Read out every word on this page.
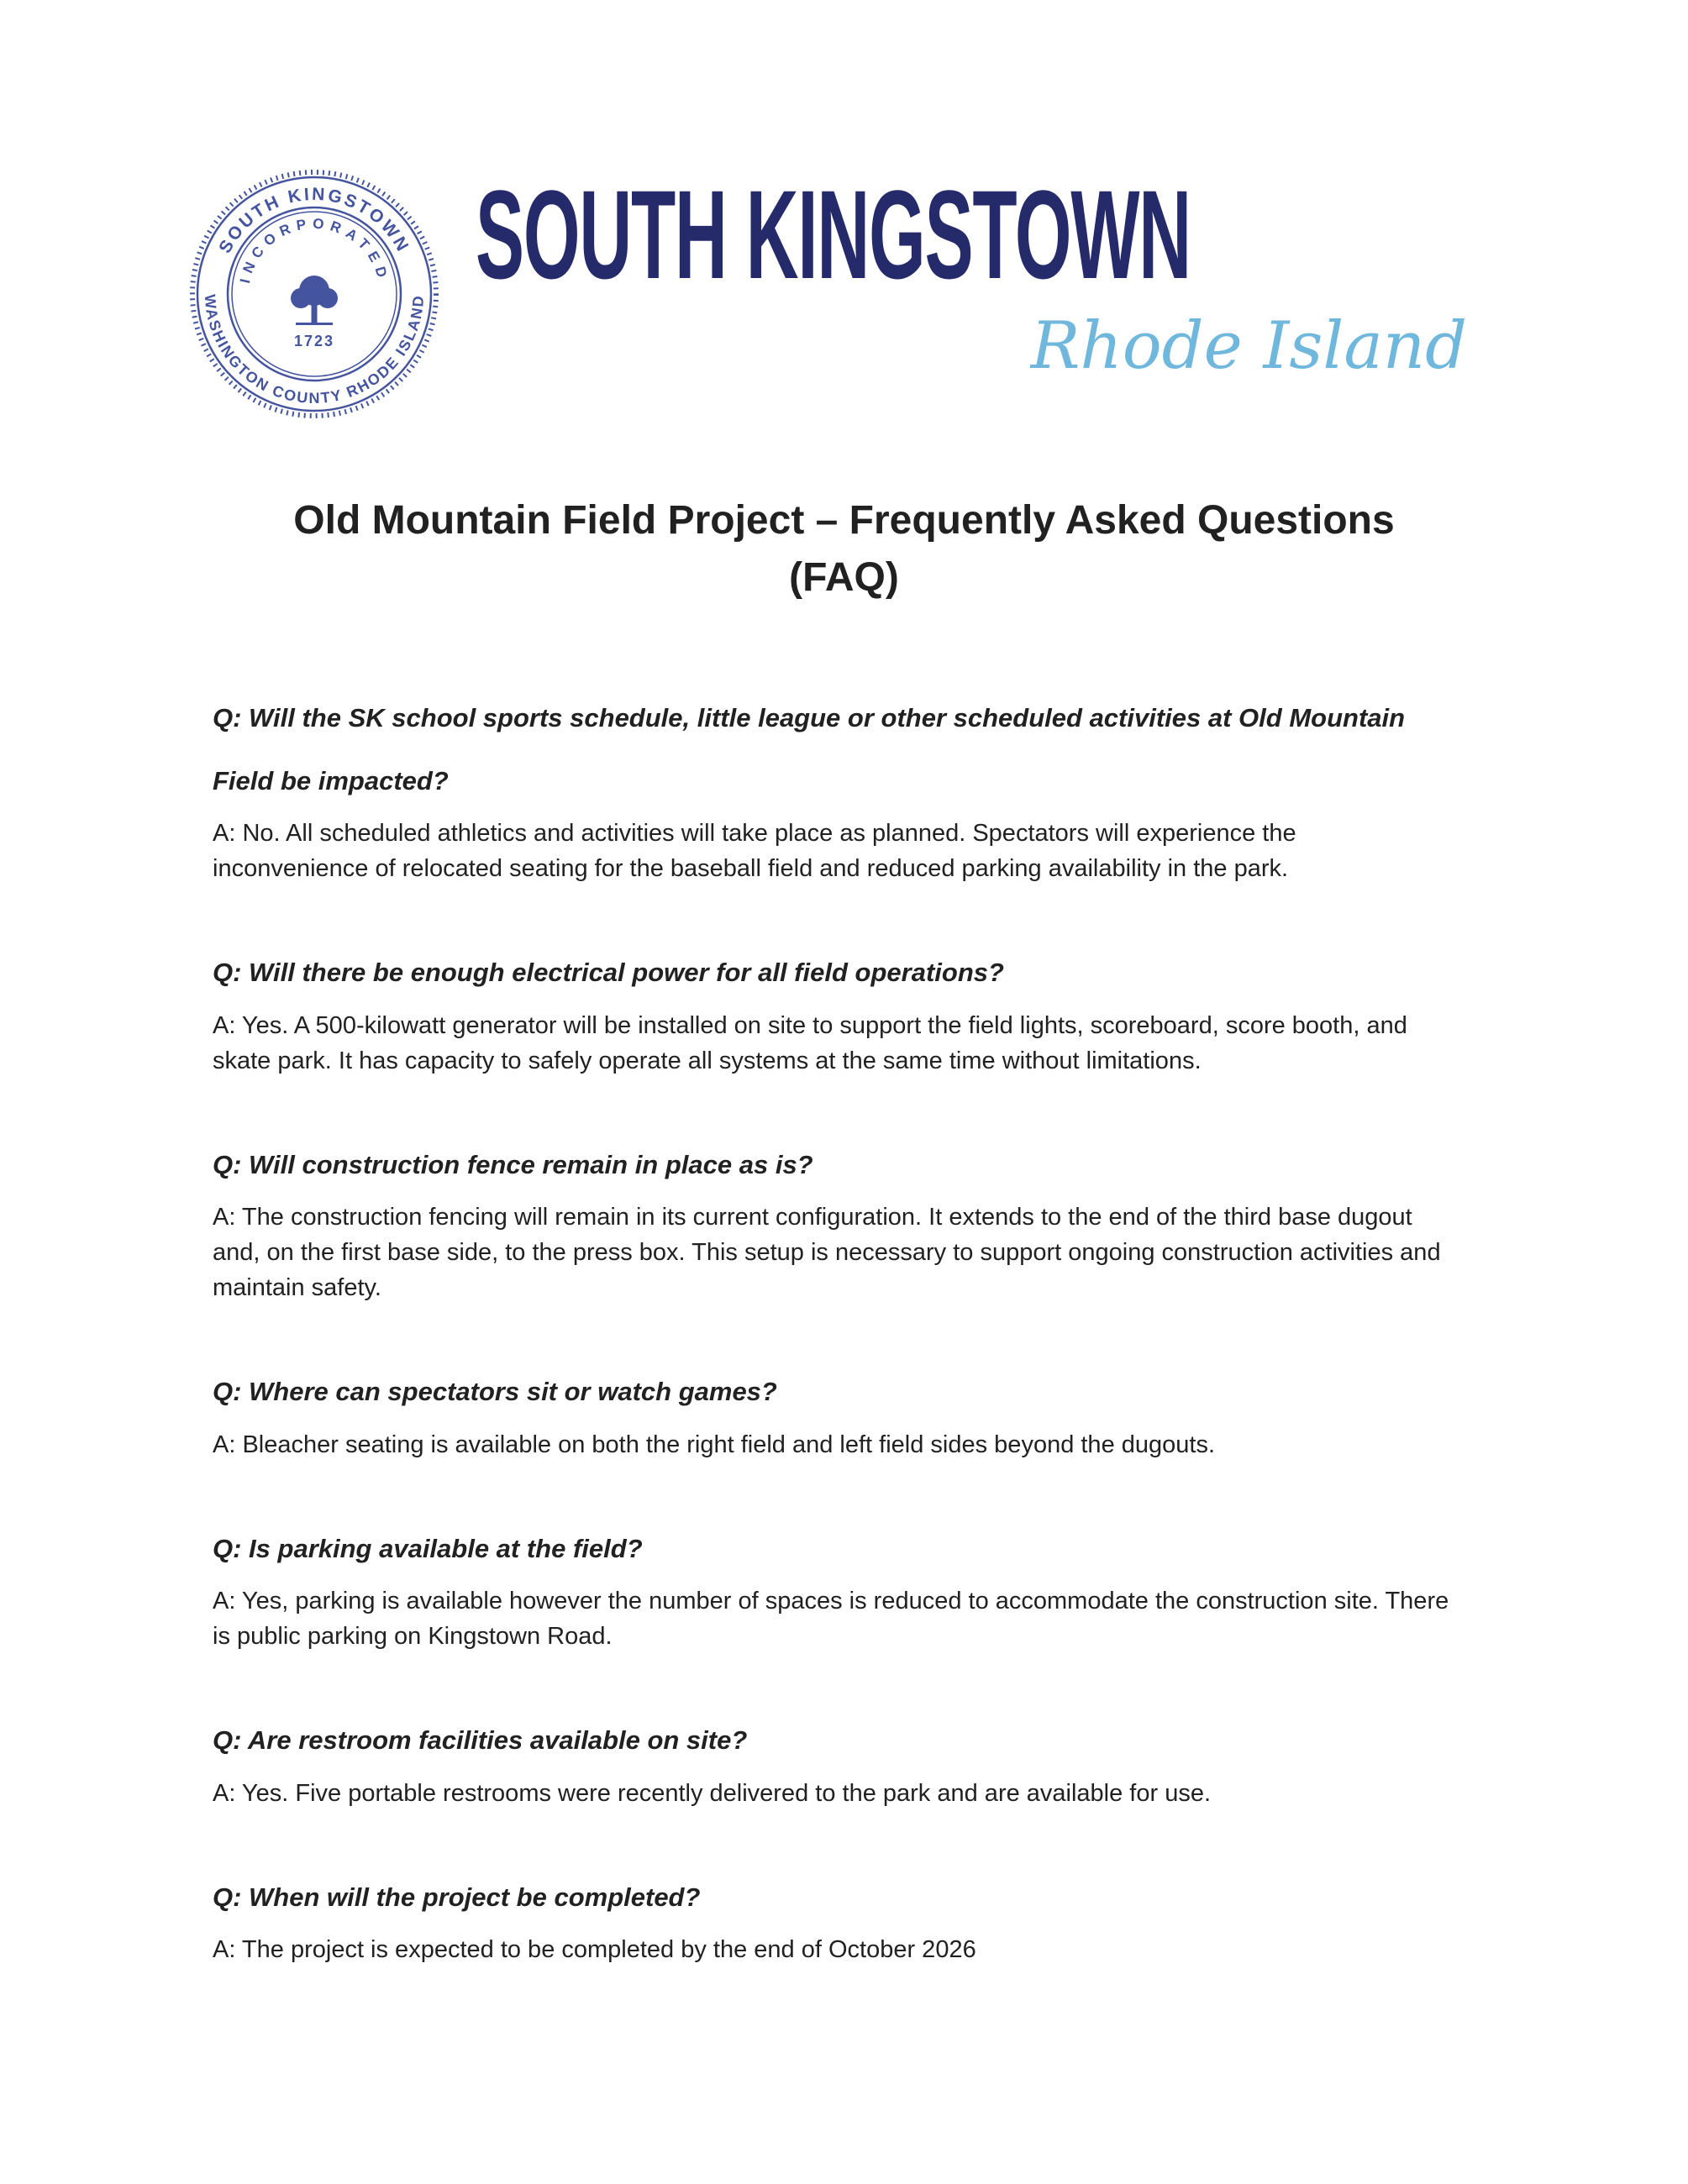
SOUTH KINGSTOWN
WASHINGTON COUNTY RHODE ISLAND
INCORPORATED
1723
SOUTH KINGSTOWN
Rhode Island
Old Mountain Field Project – Frequently Asked Questions (FAQ)

Q: Will the SK school sports schedule, little league or other scheduled activities at Old Mountain Field be impacted?

A: No. All scheduled athletics and activities will take place as planned. Spectators will experience the inconvenience of relocated seating for the baseball field and reduced parking availability in the park.

Q: Will there be enough electrical power for all field operations?

A: Yes. A 500-kilowatt generator will be installed on site to support the field lights, scoreboard, score booth, and skate park. It has capacity to safely operate all systems at the same time without limitations.

Q: Will construction fence remain in place as is?

A: The construction fencing will remain in its current configuration. It extends to the end of the third base dugout and, on the first base side, to the press box. This setup is necessary to support ongoing construction activities and maintain safety.

Q: Where can spectators sit or watch games?

A: Bleacher seating is available on both the right field and left field sides beyond the dugouts.

Q: Is parking available at the field?

A: Yes, parking is available however the number of spaces is reduced to accommodate the construction site. There is public parking on Kingstown Road.

Q: Are restroom facilities available on site?

A: Yes. Five portable restrooms were recently delivered to the park and are available for use.

Q: When will the project be completed?

A: The project is expected to be completed by the end of October 2026
